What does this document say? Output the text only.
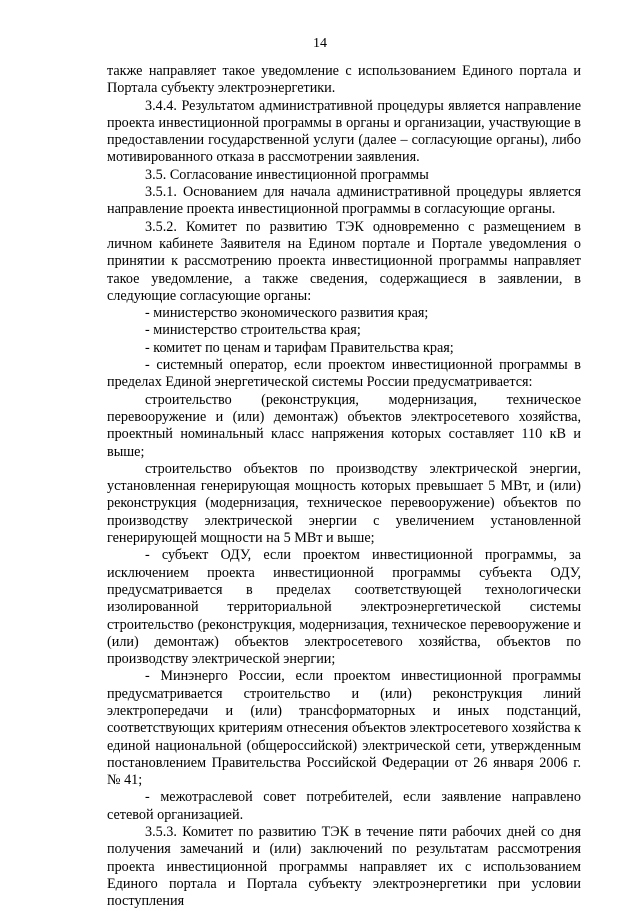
14

также направляет такое уведомление с использованием Единого портала и Портала субъекту электроэнергетики.

3.4.4. Результатом административной процедуры является направление проекта инвестиционной программы в органы и организации, участвующие в предоставлении государственной услуги (далее – согласующие органы), либо мотивированного отказа в рассмотрении заявления.

3.5. Согласование инвестиционной программы

3.5.1. Основанием для начала административной процедуры является направление проекта инвестиционной программы в согласующие органы.

3.5.2. Комитет по развитию ТЭК одновременно с размещением в личном кабинете Заявителя на Едином портале и Портале уведомления о принятии к рассмотрению проекта инвестиционной программы направляет такое уведомление, а также сведения, содержащиеся в заявлении, в следующие согласующие органы:

- министерство экономического развития края;

- министерство строительства края;

- комитет по ценам и тарифам Правительства края;

- системный оператор, если проектом инвестиционной программы в пределах Единой энергетической системы России предусматривается:

строительство (реконструкция, модернизация, техническое перевооружение и (или) демонтаж) объектов электросетевого хозяйства, проектный номинальный класс напряжения которых составляет 110 кВ и выше;

строительство объектов по производству электрической энергии, установленная генерирующая мощность которых превышает 5 МВт, и (или) реконструкция (модернизация, техническое перевооружение) объектов по производству электрической энергии с увеличением установленной генерирующей мощности на 5 МВт и выше;

- субъект ОДУ, если проектом инвестиционной программы, за исключением проекта инвестиционной программы субъекта ОДУ, предусматривается в пределах соответствующей технологически изолированной территориальной электроэнергетической системы строительство (реконструкция, модернизация, техническое перевооружение и (или) демонтаж) объектов электросетевого хозяйства, объектов по производству электрической энергии;

- Минэнерго России, если проектом инвестиционной программы предусматривается строительство и (или) реконструкция линий электропередачи и (или) трансформаторных и иных подстанций, соответствующих критериям отнесения объектов электросетевого хозяйства к единой национальной (общероссийской) электрической сети, утвержденным постановлением Правительства Российской Федерации от 26 января 2006 г. № 41;

- межотраслевой совет потребителей, если заявление направлено сетевой организацией.

3.5.3. Комитет по развитию ТЭК в течение пяти рабочих дней со дня получения замечаний и (или) заключений по результатам рассмотрения проекта инвестиционной программы направляет их с использованием Единого портала и Портала субъекту электроэнергетики при условии поступления
